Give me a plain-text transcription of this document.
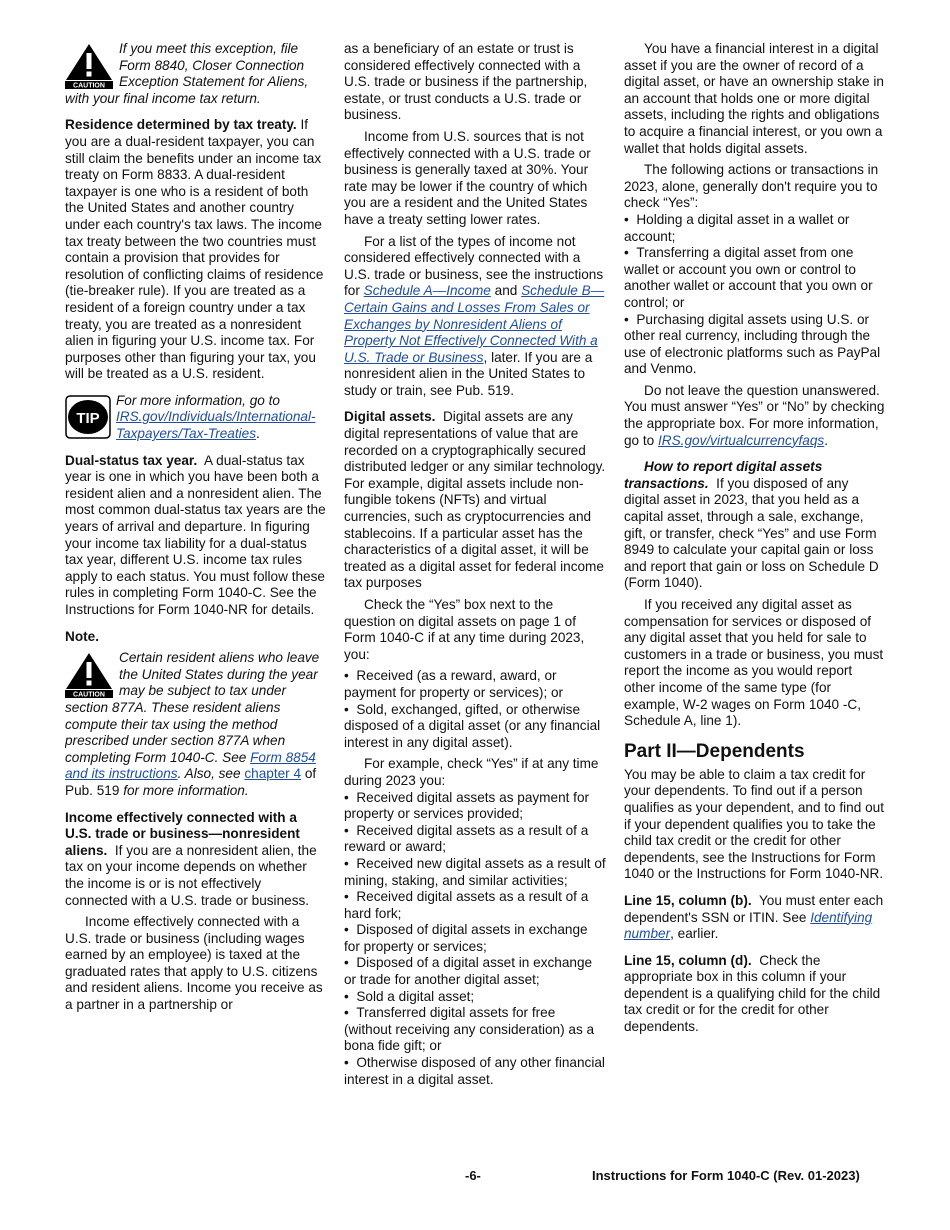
CAUTION
If you meet this exception, file Form 8840, Closer Connection Exception Statement for Aliens, with your final income tax return.

Residence determined by tax treaty. If you are a dual-resident taxpayer, you can still claim the benefits under an income tax treaty on Form 8833. A dual-resident taxpayer is one who is a resident of both the United States and another country under each country's tax laws. The income tax treaty between the two countries must contain a provision that provides for resolution of conflicting claims of residence (tie-breaker rule). If you are treated as a resident of a foreign country under a tax treaty, you are treated as a nonresident alien in figuring your U.S. income tax. For purposes other than figuring your tax, you will be treated as a U.S. resident.

TIP
For more information, go to IRS.gov/Individuals/International-Taxpayers/Tax-Treaties.

Dual-status tax year. A dual-status tax year is one in which you have been both a resident alien and a nonresident alien. The most common dual-status tax years are the years of arrival and departure. In figuring your income tax liability for a dual-status tax year, different U.S. income tax rules apply to each status. You must follow these rules in completing Form 1040-C. See the Instructions for Form 1040-NR for details.

Note.

CAUTION
Certain resident aliens who leave the United States during the year may be subject to tax under section 877A. These resident aliens compute their tax using the method prescribed under section 877A when completing Form 1040-C. See Form 8854 and its instructions. Also, see chapter 4 of Pub. 519 for more information.

Income effectively connected with a U.S. trade or business—nonresident aliens. If you are a nonresident alien, the tax on your income depends on whether the income is or is not effectively connected with a U.S. trade or business.

Income effectively connected with a U.S. trade or business (including wages earned by an employee) is taxed at the graduated rates that apply to U.S. citizens and resident aliens. Income you receive as a partner in a partnership or

as a beneficiary of an estate or trust is considered effectively connected with a U.S. trade or business if the partnership, estate, or trust conducts a U.S. trade or business.

Income from U.S. sources that is not effectively connected with a U.S. trade or business is generally taxed at 30%. Your rate may be lower if the country of which you are a resident and the United States have a treaty setting lower rates.

For a list of the types of income not considered effectively connected with a U.S. trade or business, see the instructions for Schedule A—Income and Schedule B—Certain Gains and Losses From Sales or Exchanges by Nonresident Aliens of Property Not Effectively Connected With a U.S. Trade or Business, later. If you are a nonresident alien in the United States to study or train, see Pub. 519.

Digital assets. Digital assets are any digital representations of value that are recorded on a cryptographically secured distributed ledger or any similar technology. For example, digital assets include non-fungible tokens (NFTs) and virtual currencies, such as cryptocurrencies and stablecoins. If a particular asset has the characteristics of a digital asset, it will be treated as a digital asset for federal income tax purposes

Check the “Yes” box next to the question on digital assets on page 1 of Form 1040-C if at any time during 2023, you:

•  Received (as a reward, award, or payment for property or services); or
•  Sold, exchanged, gifted, or otherwise disposed of a digital asset (or any financial interest in any digital asset).

For example, check “Yes” if at any time during 2023 you:

•  Received digital assets as payment for property or services provided;
•  Received digital assets as a result of a reward or award;
•  Received new digital assets as a result of mining, staking, and similar activities;
•  Received digital assets as a result of a hard fork;
•  Disposed of digital assets in exchange for property or services;
•  Disposed of a digital asset in exchange or trade for another digital asset;
•  Sold a digital asset;
•  Transferred digital assets for free (without receiving any consideration) as a bona fide gift; or
•  Otherwise disposed of any other financial interest in a digital asset.

You have a financial interest in a digital asset if you are the owner of record of a digital asset, or have an ownership stake in an account that holds one or more digital assets, including the rights and obligations to acquire a financial interest, or you own a wallet that holds digital assets.

The following actions or transactions in 2023, alone, generally don't require you to check “Yes”:

•  Holding a digital asset in a wallet or account;
•  Transferring a digital asset from one wallet or account you own or control to another wallet or account that you own or control; or
•  Purchasing digital assets using U.S. or other real currency, including through the use of electronic platforms such as PayPal and Venmo.

Do not leave the question unanswered. You must answer “Yes” or “No” by checking the appropriate box. For more information, go to IRS.gov/virtualcurrencyfaqs.

How to report digital assets transactions. If you disposed of any digital asset in 2023, that you held as a capital asset, through a sale, exchange, gift, or transfer, check “Yes” and use Form 8949 to calculate your capital gain or loss and report that gain or loss on Schedule D (Form 1040).

If you received any digital asset as compensation for services or disposed of any digital asset that you held for sale to customers in a trade or business, you must report the income as you would report other income of the same type (for example, W-2 wages on Form 1040 -C, Schedule A, line 1).

Part II—Dependents

You may be able to claim a tax credit for your dependents. To find out if a person qualifies as your dependent, and to find out if your dependent qualifies you to take the child tax credit or the credit for other dependents, see the Instructions for Form 1040 or the Instructions for Form 1040-NR.

Line 15, column (b). You must enter each dependent's SSN or ITIN. See Identifying number, earlier.

Line 15, column (d). Check the appropriate box in this column if your dependent is a qualifying child for the child tax credit or for the credit for other dependents.

-6-	Instructions for Form 1040-C (Rev. 01-2023)
